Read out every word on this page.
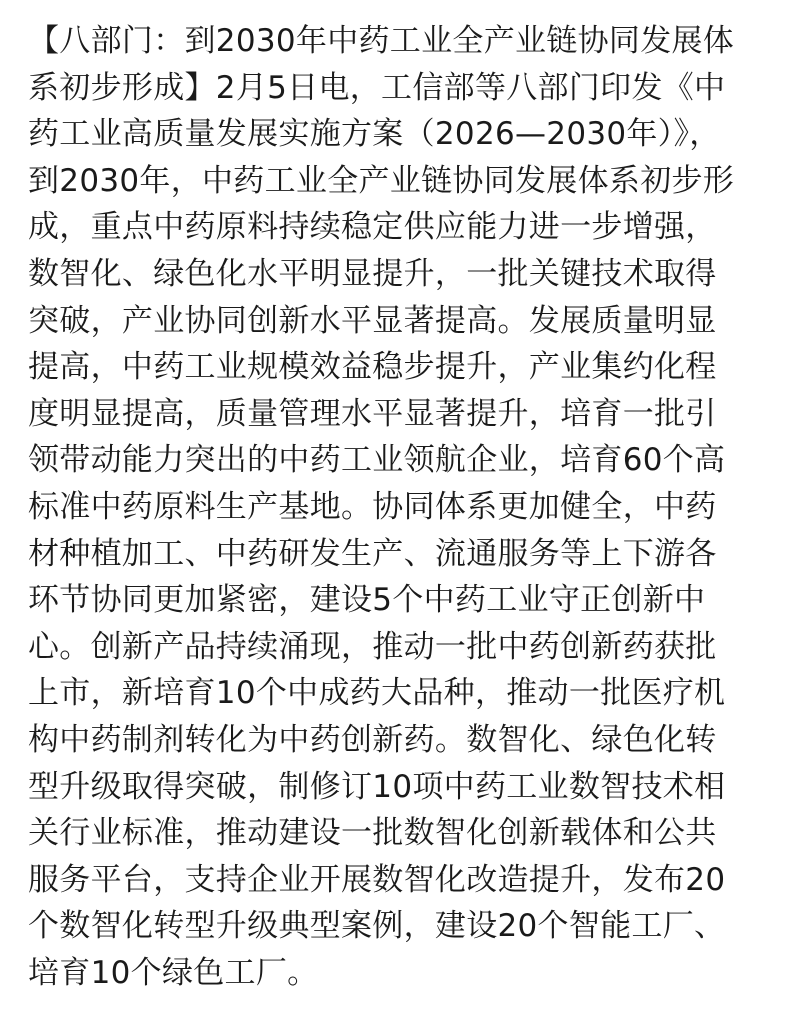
【八部门：到2030年中药工业全产业链协同发展体
系初步形成】2月5日电，工信部等八部门印发《中
药工业高质量发展实施方案（2026—2030年）》，
到2030年，中药工业全产业链协同发展体系初步形
成，重点中药原料持续稳定供应能力进一步增强，
数智化、绿色化水平明显提升，一批关键技术取得
突破，产业协同创新水平显著提高。发展质量明显
提高，中药工业规模效益稳步提升，产业集约化程
度明显提高，质量管理水平显著提升，培育一批引
领带动能力突出的中药工业领航企业，培育60个高
标准中药原料生产基地。协同体系更加健全，中药
材种植加工、中药研发生产、流通服务等上下游各
环节协同更加紧密，建设5个中药工业守正创新中
心。创新产品持续涌现，推动一批中药创新药获批
上市，新培育10个中成药大品种，推动一批医疗机
构中药制剂转化为中药创新药。数智化、绿色化转
型升级取得突破，制修订10项中药工业数智技术相
关行业标准，推动建设一批数智化创新载体和公共
服务平台，支持企业开展数智化改造提升，发布20
个数智化转型升级典型案例，建设20个智能工厂、
培育10个绿色工厂。
